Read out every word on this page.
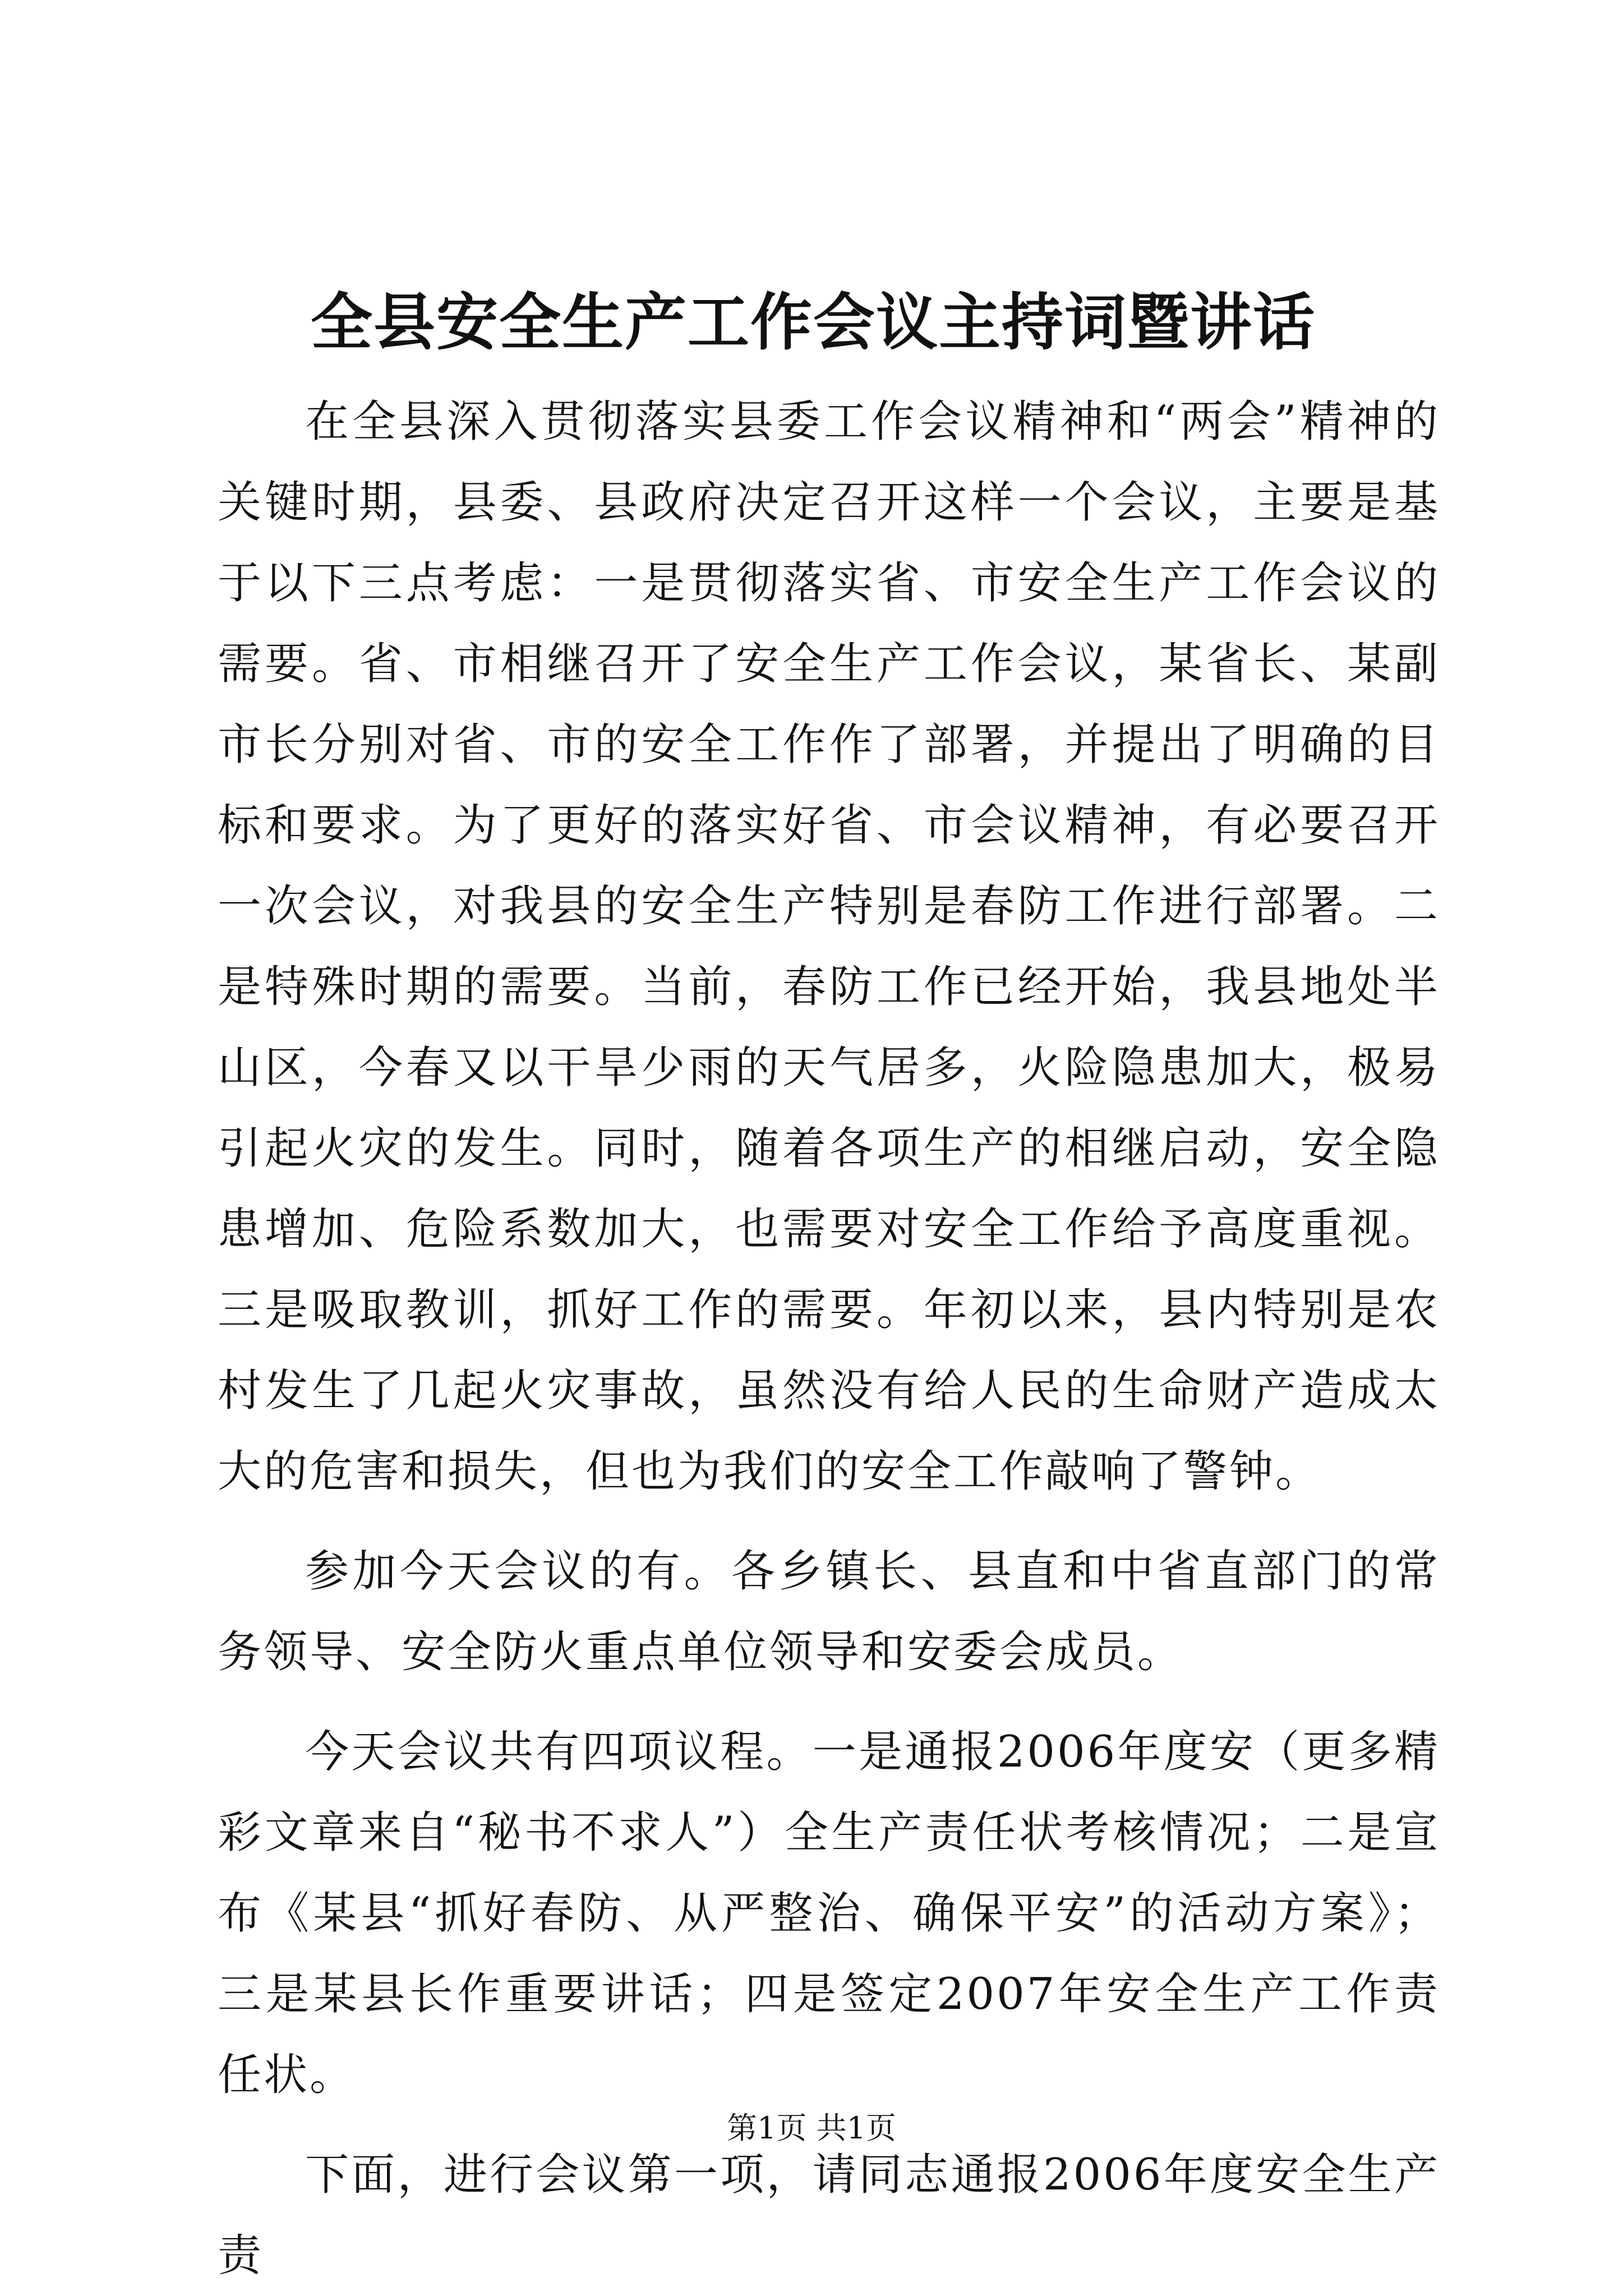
全县安全生产工作会议主持词暨讲话

在全县深入贯彻落实县委工作会议精神和“两会”精神的关键时期，县委、县政府决定召开这样一个会议，主要是基于以下三点考虑：一是贯彻落实省、市安全生产工作会议的需要。省、市相继召开了安全生产工作会议，某省长、某副市长分别对省、市的安全工作作了部署，并提出了明确的目标和要求。为了更好的落实好省、市会议精神，有必要召开一次会议，对我县的安全生产特别是春防工作进行部署。二是特殊时期的需要。当前，春防工作已经开始，我县地处半山区，今春又以干旱少雨的天气居多，火险隐患加大，极易引起火灾的发生。同时，随着各项生产的相继启动，安全隐患增加、危险系数加大，也需要对安全工作给予高度重视。三是吸取教训，抓好工作的需要。年初以来，县内特别是农村发生了几起火灾事故，虽然没有给人民的生命财产造成太大的危害和损失，但也为我们的安全工作敲响了警钟。

参加今天会议的有。各乡镇长、县直和中省直部门的常务领导、安全防火重点单位领导和安委会成员。

今天会议共有四项议程。一是通报2006年度安（更多精彩文章来自“秘书不求人”）全生产责任状考核情况；二是宣布《某县“抓好春防、从严整治、确保平安”的活动方案》；三是某县长作重要讲话；四是签定2007年安全生产工作责任状。

下面，进行会议第一项，请同志通报2006年度安全生产责

第1页 共1页
